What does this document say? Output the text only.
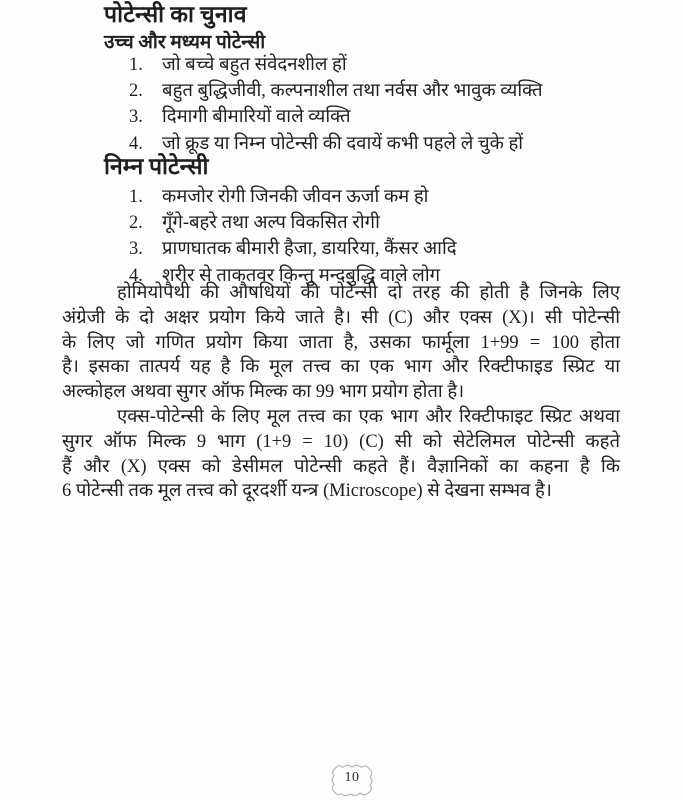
पोटेन्सी का चुनाव
उच्च और मध्यम पोटेन्सी
1.	जो बच्चे बहुत संवेदनशील हों
2.	बहुत बुद्धिजीवी, कल्पनाशील तथा नर्वस और भावुक व्यक्ति
3.	दिमागी बीमारियों वाले व्यक्ति
4.	जो क्रूड या निम्न पोटेन्सी की दवायें कभी पहले ले चुके हों
निम्न पोटेन्सी
1.	कमजोर रोगी जिनकी जीवन ऊर्जा कम हो
2.	गूँगे-बहरे तथा अल्प विकसित रोगी
3.	प्राणघातक बीमारी हैजा, डायरिया, कैंसर आदि
4.	शरीर से ताकतवर किन्तु मन्दबुद्धि वाले लोग
होमियोपैथी की औषधियों की पोटेन्सी दो तरह की होती है जिनके लिए
अंग्रेजी के दो अक्षर प्रयोग किये जाते है। सी (C) और एक्स (X)। सी पोटेन्सी
के लिए जो गणित प्रयोग किया जाता है, उसका फार्मूला 1+99 = 100 होता
है। इसका तात्पर्य यह है कि मूल तत्त्व का एक भाग और रिक्टीफाइड स्प्रिट या
अल्कोहल अथवा सुगर ऑफ मिल्क का 99 भाग प्रयोग होता है।
एक्स-पोटेन्सी के लिए मूल तत्त्व का एक भाग और रिक्टीफाइट स्प्रिट अथवा
सुगर ऑफ मिल्क 9 भाग (1+9 = 10) (C) सी को सेटेलिमल पोटेन्सी कहते
हैं और (X) एक्स को डेसीमल पोटेन्सी कहते हैं। वैज्ञानिकों का कहना है कि
6 पोटेन्सी तक मूल तत्त्व को दूरदर्शी यन्त्र (Microscope) से देखना सम्भव है।
10
